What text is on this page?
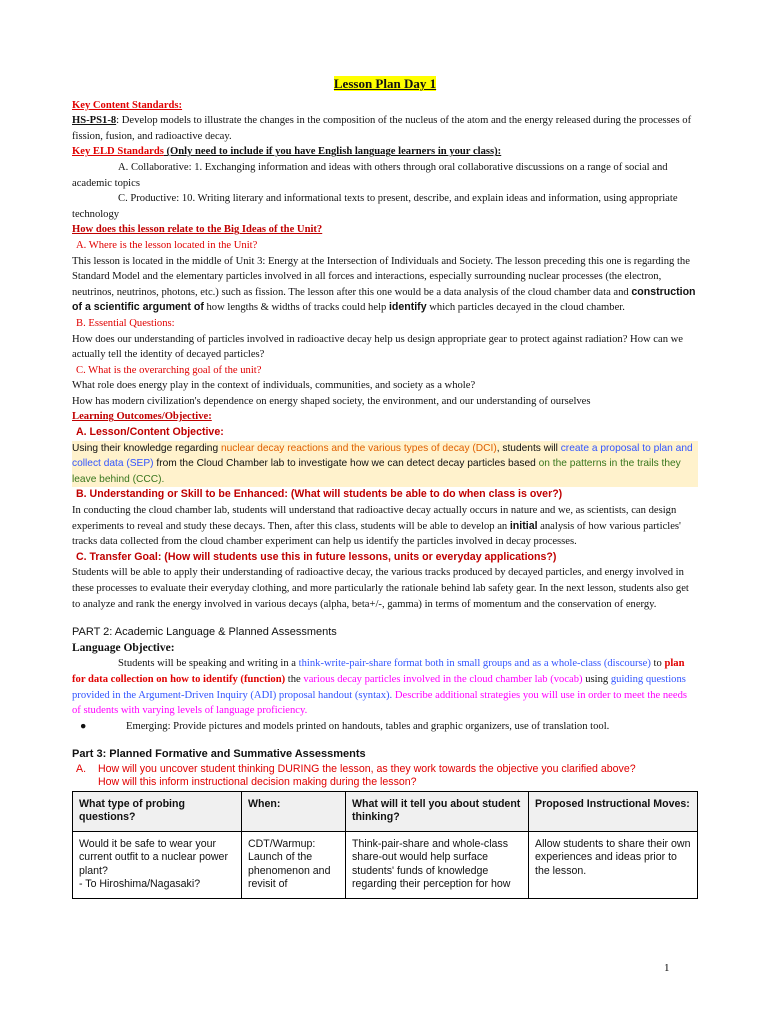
Lesson Plan Day 1

Key Content Standards:

HS-PS1-8: Develop models to illustrate the changes in the composition of the nucleus of the atom and the energy released during the processes of fission, fusion, and radioactive decay.

Key ELD Standards (Only need to include if you have English language learners in your class):

A. Collaborative: 1. Exchanging information and ideas with others through oral collaborative discussions on a range of social and academic topics

C. Productive: 10. Writing literary and informational texts to present, describe, and explain ideas and information, using appropriate technology

How does this lesson relate to the Big Ideas of the Unit?

A. Where is the lesson located in the Unit?

This lesson is located in the middle of Unit 3: Energy at the Intersection of Individuals and Society. The lesson preceding this one is regarding the Standard Model and the elementary particles involved in all forces and interactions, especially surrounding nuclear processes (the electron, neutrinos, neutrinos, photons, etc.) such as fission. The lesson after this one would be a data analysis of the cloud chamber data and construction of a scientific argument of how lengths & widths of tracks could help identify which particles decayed in the cloud chamber.

B. Essential Questions:

How does our understanding of particles involved in radioactive decay help us design appropriate gear to protect against radiation? How can we actually tell the identity of decayed particles?

C. What is the overarching goal of the unit?

What role does energy play in the context of individuals, communities, and society as a whole?

How has modern civilization's dependence on energy shaped society, the environment, and our understanding of ourselves

Learning Outcomes/Objective:

A. Lesson/Content Objective:

Using their knowledge regarding nuclear decay reactions and the various types of decay (DCI), students will create a proposal to plan and collect data (SEP) from the Cloud Chamber lab to investigate how we can detect decay particles based on the patterns in the trails they leave behind (CCC).

B. Understanding or Skill to be Enhanced: (What will students be able to do when class is over?)

In conducting the cloud chamber lab, students will understand that radioactive decay actually occurs in nature and we, as scientists, can design experiments to reveal and study these decays. Then, after this class, students will be able to develop an initial analysis of how various particles' tracks data collected from the cloud chamber experiment can help us identify the particles involved in decay processes.

C. Transfer Goal: (How will students use this in future lessons, units or everyday applications?)

Students will be able to apply their understanding of radioactive decay, the various tracks produced by decayed particles, and energy involved in these processes to evaluate their everyday clothing, and more particularly the rationale behind lab safety gear. In the next lesson, students also get to analyze and rank the energy involved in various decays (alpha, beta+/-, gamma) in terms of momentum and the conservation of energy.

PART 2: Academic Language & Planned Assessments

Language Objective:

Students will be speaking and writing in a think-write-pair-share format both in small groups and as a whole-class (discourse) to plan for data collection on how to identify (function) the various decay particles involved in the cloud chamber lab (vocab) using guiding questions provided in the Argument-Driven Inquiry (ADI) proposal handout (syntax). Describe additional strategies you will use in order to meet the needs of students with varying levels of language proficiency.

●	Emerging: Provide pictures and models printed on handouts, tables and graphic organizers, use of translation tool.

Part 3: Planned Formative and Summative Assessments

A.	How will you uncover student thinking DURING the lesson, as they work towards the objective you clarified above?
How will this inform instructional decision making during the lesson?
What type of probing questions?	When:	What will it tell you about student thinking?	Proposed Instructional Moves:

Would it be safe to wear your current outfit to a nuclear power plant?
- To Hiroshima/Nagasaki?	CDT/Warmup: Launch of the phenomenon and revisit of	Think-pair-share and whole-class share-out would help surface students' funds of knowledge regarding their perception for how	Allow students to share their own experiences and ideas prior to the lesson.
1
